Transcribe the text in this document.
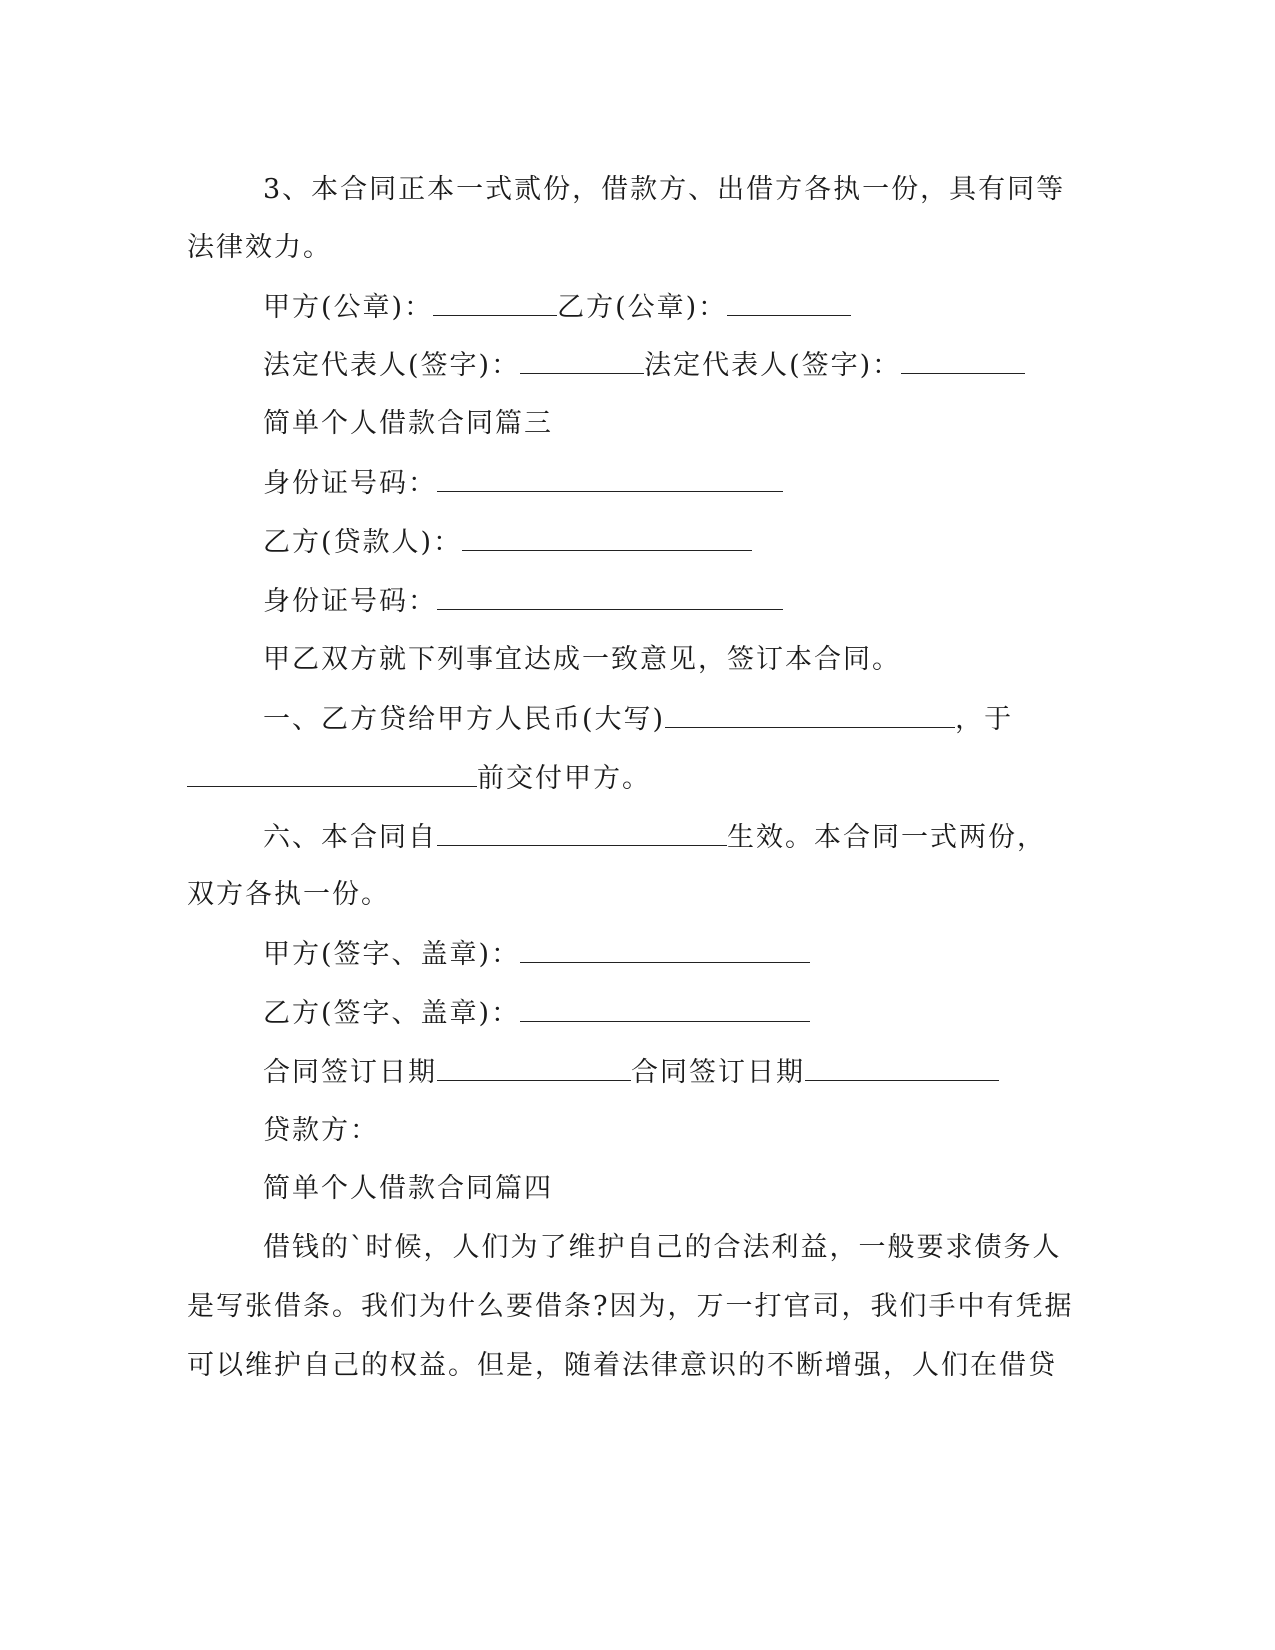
3、本合同正本一式贰份，借款方、出借方各执一份，具有同等
法律效力。
甲方(公章)：	乙方(公章)：
法定代表人(签字)：	法定代表人(签字)：
简单个人借款合同篇三
身份证号码：
乙方(贷款人)：
身份证号码：
甲乙双方就下列事宜达成一致意见，签订本合同。
一、乙方贷给甲方人民币(大写)	，于
前交付甲方。
六、本合同自	生效。本合同一式两份，
双方各执一份。
甲方(签字、盖章)：
乙方(签字、盖章)：
合同签订日期	合同签订日期
贷款方：
简单个人借款合同篇四
借钱的`时候，人们为了维护自己的合法利益，一般要求债务人
是写张借条。我们为什么要借条?因为，万一打官司，我们手中有凭据
可以维护自己的权益。但是，随着法律意识的不断增强，人们在借贷
